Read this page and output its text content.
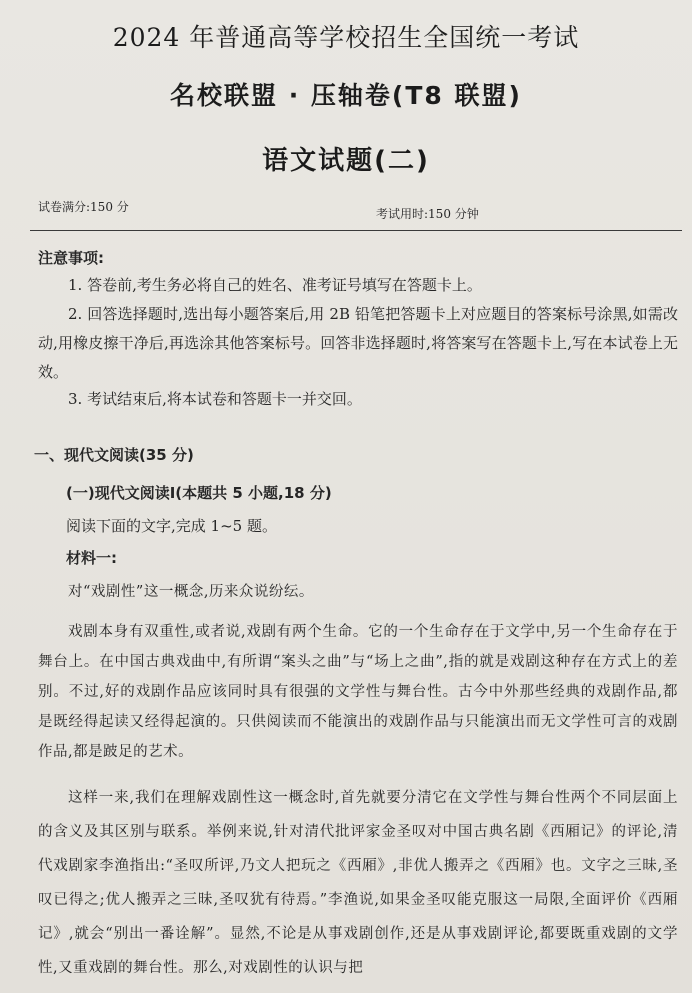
2024 年普通高等学校招生全国统一考试
名校联盟 · 压轴卷(T8 联盟)
语文试题(二)
试卷满分:150 分	考试用时:150 分钟
注意事项:
1. 答卷前,考生务必将自己的姓名、准考证号填写在答题卡上。
2. 回答选择题时,选出每小题答案后,用 2B 铅笔把答题卡上对应题目的答案标号涂黑,如需改动,用橡皮擦干净后,再选涂其他答案标号。回答非选择题时,将答案写在答题卡上,写在本试卷上无效。
3. 考试结束后,将本试卷和答题卡一并交回。
一、现代文阅读(35 分)
(一)现代文阅读Ⅰ(本题共 5 小题,18 分)
阅读下面的文字,完成 1~5 题。
材料一:
对“戏剧性”这一概念,历来众说纷纭。
戏剧本身有双重性,或者说,戏剧有两个生命。它的一个生命存在于文学中,另一个生命存在于舞台上。在中国古典戏曲中,有所谓“案头之曲”与“场上之曲”,指的就是戏剧这种存在方式上的差别。不过,好的戏剧作品应该同时具有很强的文学性与舞台性。古今中外那些经典的戏剧作品,都是既经得起读又经得起演的。只供阅读而不能演出的戏剧作品与只能演出而无文学性可言的戏剧作品,都是跛足的艺术。
这样一来,我们在理解戏剧性这一概念时,首先就要分清它在文学性与舞台性两个不同层面上的含义及其区别与联系。举例来说,针对清代批评家金圣叹对中国古典名剧《西厢记》的评论,清代戏剧家李渔指出:“圣叹所评,乃文人把玩之《西厢》,非优人搬弄之《西厢》也。文字之三昧,圣叹已得之;优人搬弄之三昧,圣叹犹有待焉。”李渔说,如果金圣叹能克服这一局限,全面评价《西厢记》,就会“别出一番诠解”。显然,不论是从事戏剧创作,还是从事戏剧评论,都要既重戏剧的文学性,又重戏剧的舞台性。那么,对戏剧性的认识与把
